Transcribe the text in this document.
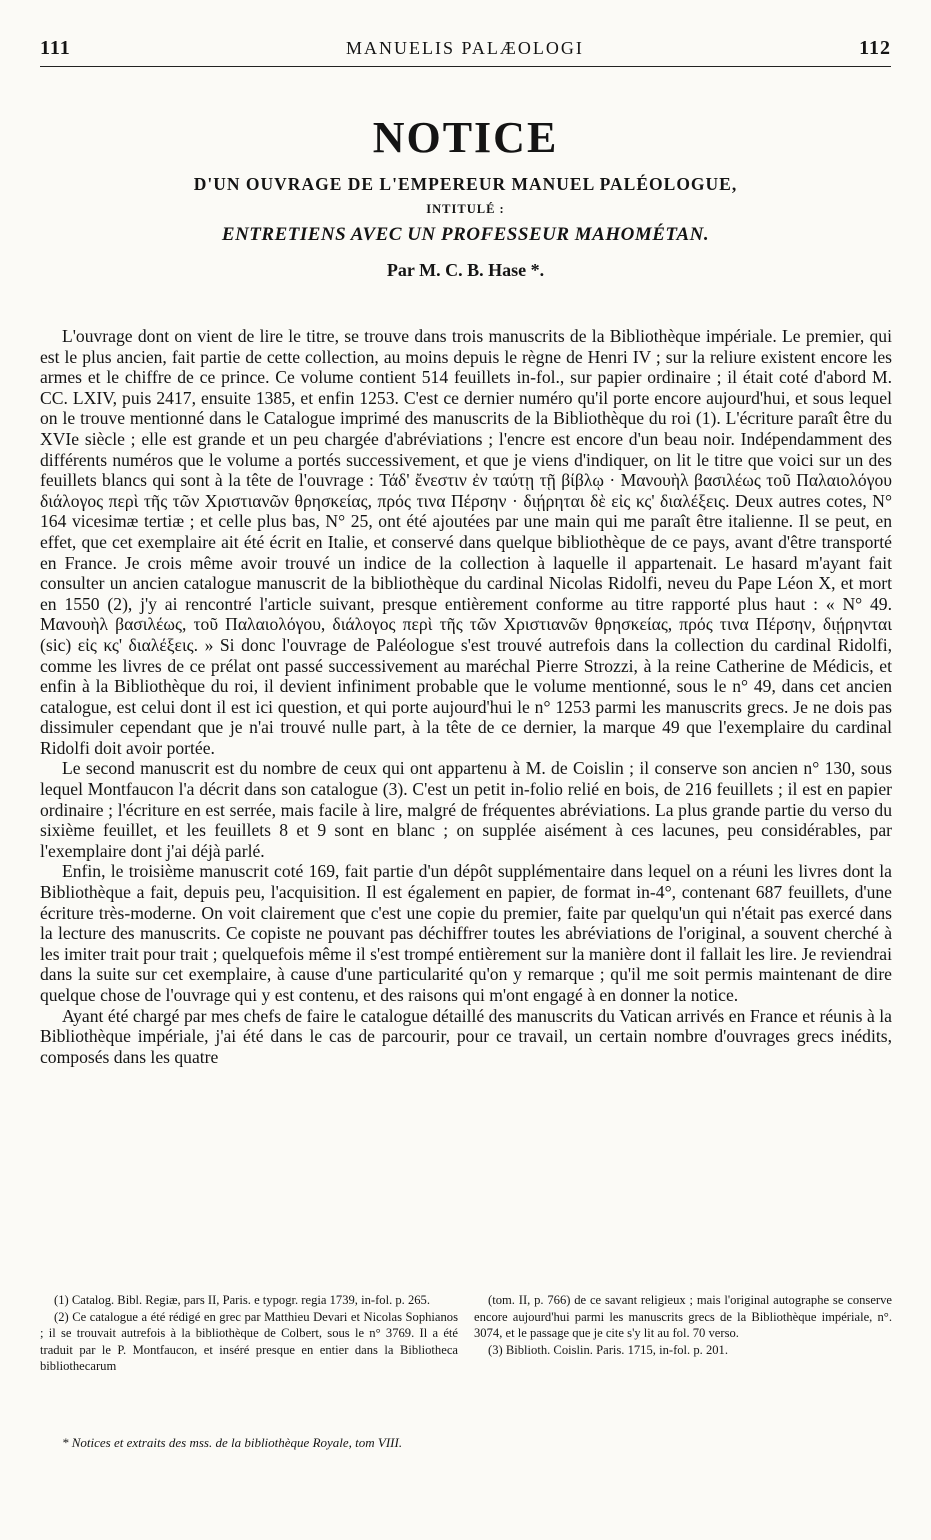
111	MANUELIS PALÆOLOGI	112
NOTICE
D'UN OUVRAGE DE L'EMPEREUR MANUEL PALÉOLOGUE,
INTITULÉ :
ENTRETIENS AVEC UN PROFESSEUR MAHOMÉTAN.
Par M. C. B. Hase *.

L'ouvrage dont on vient de lire le titre, se trouve dans trois manuscrits de la Bibliothèque impériale. Le premier, qui est le plus ancien, fait partie de cette collection, au moins depuis le règne de Henri IV ; sur la reliure existent encore les armes et le chiffre de ce prince. Ce volume contient 514 feuillets in-fol., sur papier ordinaire ; il était coté d'abord M. CC. LXIV, puis 2417, ensuite 1385, et enfin 1253. C'est ce dernier numéro qu'il porte encore aujourd'hui, et sous lequel on le trouve mentionné dans le Catalogue imprimé des manuscrits de la Bibliothèque du roi (1). L'écriture paraît être du XVIe siècle ; elle est grande et un peu chargée d'abréviations ; l'encre est encore d'un beau noir. Indépendamment des différents numéros que le volume a portés successivement, et que je viens d'indiquer, on lit le titre que voici sur un des feuillets blancs qui sont à la tête de l'ouvrage : Τάδ' ἔνεστιν ἐν ταύτῃ τῇ βίβλῳ · Μανουὴλ βασιλέως τοῦ Παλαιολόγου διάλογος περὶ τῆς τῶν Χριστιανῶν θρησκείας, πρός τινα Πέρσην · διῄρηται δὲ εἰς κς' διαλέξεις. Deux autres cotes, N° 164 vicesimæ tertiæ ; et celle plus bas, N° 25, ont été ajoutées par une main qui me paraît être italienne. Il se peut, en effet, que cet exemplaire ait été écrit en Italie, et conservé dans quelque bibliothèque de ce pays, avant d'être transporté en France. Je crois même avoir trouvé un indice de la collection à laquelle il appartenait. Le hasard m'ayant fait consulter un ancien catalogue manuscrit de la bibliothèque du cardinal Nicolas Ridolfi, neveu du Pape Léon X, et mort en 1550 (2), j'y ai rencontré l'article suivant, presque entièrement conforme au titre rapporté plus haut : « N° 49. Μανουὴλ βασιλέως, τοῦ Παλαιολόγου, διάλογος περὶ τῆς τῶν Χριστιανῶν θρησκείας, πρός τινα Πέρσην, διῄρηνται (sic) εἰς κς' διαλέξεις. » Si donc l'ouvrage de Paléologue s'est trouvé autrefois dans la collection du cardinal Ridolfi, comme les livres de ce prélat ont passé successivement au maréchal Pierre Strozzi, à la reine Catherine de Médicis, et enfin à la Bibliothèque du roi, il devient infiniment probable que le volume mentionné, sous le n° 49, dans cet ancien catalogue, est celui dont il est ici question, et qui porte aujourd'hui le n° 1253 parmi les manuscrits grecs. Je ne dois pas dissimuler cependant que je n'ai trouvé nulle part, à la tête de ce dernier, la marque 49 que l'exemplaire du cardinal Ridolfi doit avoir portée.

Le second manuscrit est du nombre de ceux qui ont appartenu à M. de Coislin ; il conserve son ancien n° 130, sous lequel Montfaucon l'a décrit dans son catalogue (3). C'est un petit in-folio relié en bois, de 216 feuillets ; il est en papier ordinaire ; l'écriture en est serrée, mais facile à lire, malgré de fréquentes abréviations. La plus grande partie du verso du sixième feuillet, et les feuillets 8 et 9 sont en blanc ; on supplée aisément à ces lacunes, peu considérables, par l'exemplaire dont j'ai déjà parlé.

Enfin, le troisième manuscrit coté 169, fait partie d'un dépôt supplémentaire dans lequel on a réuni les livres dont la Bibliothèque a fait, depuis peu, l'acquisition. Il est également en papier, de format in-4°, contenant 687 feuillets, d'une écriture très-moderne. On voit clairement que c'est une copie du premier, faite par quelqu'un qui n'était pas exercé dans la lecture des manuscrits. Ce copiste ne pouvant pas déchiffrer toutes les abréviations de l'original, a souvent cherché à les imiter trait pour trait ; quelquefois même il s'est trompé entièrement sur la manière dont il fallait les lire. Je reviendrai dans la suite sur cet exemplaire, à cause d'une particularité qu'on y remarque ; qu'il me soit permis maintenant de dire quelque chose de l'ouvrage qui y est contenu, et des raisons qui m'ont engagé à en donner la notice.

Ayant été chargé par mes chefs de faire le catalogue détaillé des manuscrits du Vatican arrivés en France et réunis à la Bibliothèque impériale, j'ai été dans le cas de parcourir, pour ce travail, un certain nombre d'ouvrages grecs inédits, composés dans les quatre

(1) Catalog. Bibl. Regiæ, pars II, Paris. e typogr. regia 1739, in-fol. p. 265.

(2) Ce catalogue a été rédigé en grec par Matthieu Devari et Nicolas Sophianos ; il se trouvait autrefois à la bibliothèque de Colbert, sous le n° 3769. Il a été traduit par le P. Montfaucon, et inséré presque en entier dans la Bibliotheca bibliothecarum

(tom. II, p. 766) de ce savant religieux ; mais l'original autographe se conserve encore aujourd'hui parmi les manuscrits grecs de la Bibliothèque impériale, n°. 3074, et le passage que je cite s'y lit au fol. 70 verso.

(3) Biblioth. Coislin. Paris. 1715, in-fol. p. 201.

* Notices et extraits des mss. de la bibliothèque Royale, tom VIII.
